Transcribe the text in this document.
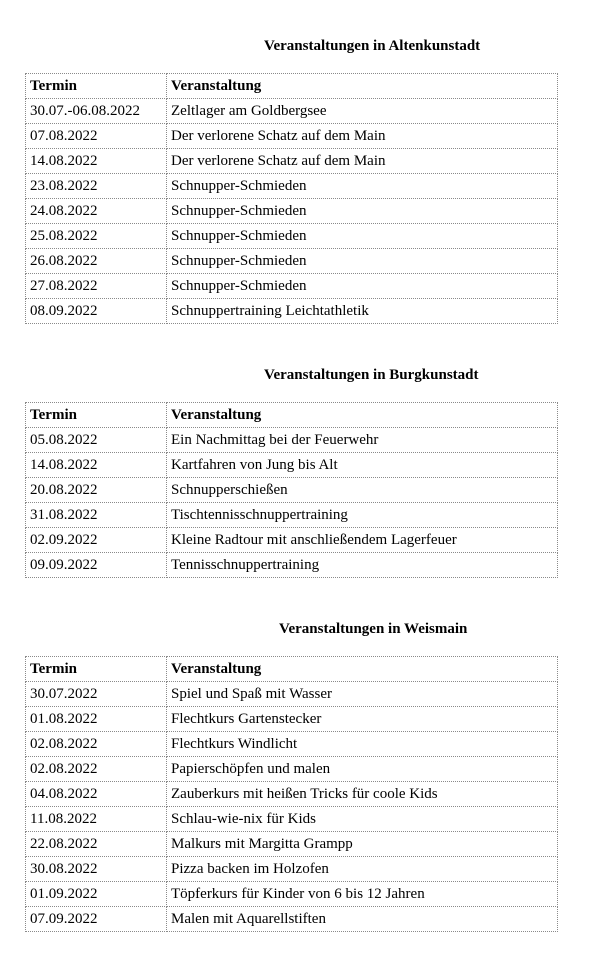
Veranstaltungen in Altenkunstadt
Termin	Veranstaltung
30.07.-06.08.2022	Zeltlager am Goldbergsee
07.08.2022	Der verlorene Schatz auf dem Main
14.08.2022	Der verlorene Schatz auf dem Main
23.08.2022	Schnupper-Schmieden
24.08.2022	Schnupper-Schmieden
25.08.2022	Schnupper-Schmieden
26.08.2022	Schnupper-Schmieden
27.08.2022	Schnupper-Schmieden
08.09.2022	Schnuppertraining Leichtathletik
Veranstaltungen in Burgkunstadt
Termin	Veranstaltung
05.08.2022	Ein Nachmittag bei der Feuerwehr
14.08.2022	Kartfahren von Jung bis Alt
20.08.2022	Schnupperschießen
31.08.2022	Tischtennisschnuppertraining
02.09.2022	Kleine Radtour mit anschließendem Lagerfeuer
09.09.2022	Tennisschnuppertraining
Veranstaltungen in Weismain
Termin	Veranstaltung
30.07.2022	Spiel und Spaß mit Wasser
01.08.2022	Flechtkurs Gartenstecker
02.08.2022	Flechtkurs Windlicht
02.08.2022	Papierschöpfen und malen
04.08.2022	Zauberkurs mit heißen Tricks für coole Kids
11.08.2022	Schlau-wie-nix für Kids
22.08.2022	Malkurs mit Margitta Grampp
30.08.2022	Pizza backen im Holzofen
01.09.2022	Töpferkurs für Kinder von 6 bis 12 Jahren
07.09.2022	Malen mit Aquarellstiften
